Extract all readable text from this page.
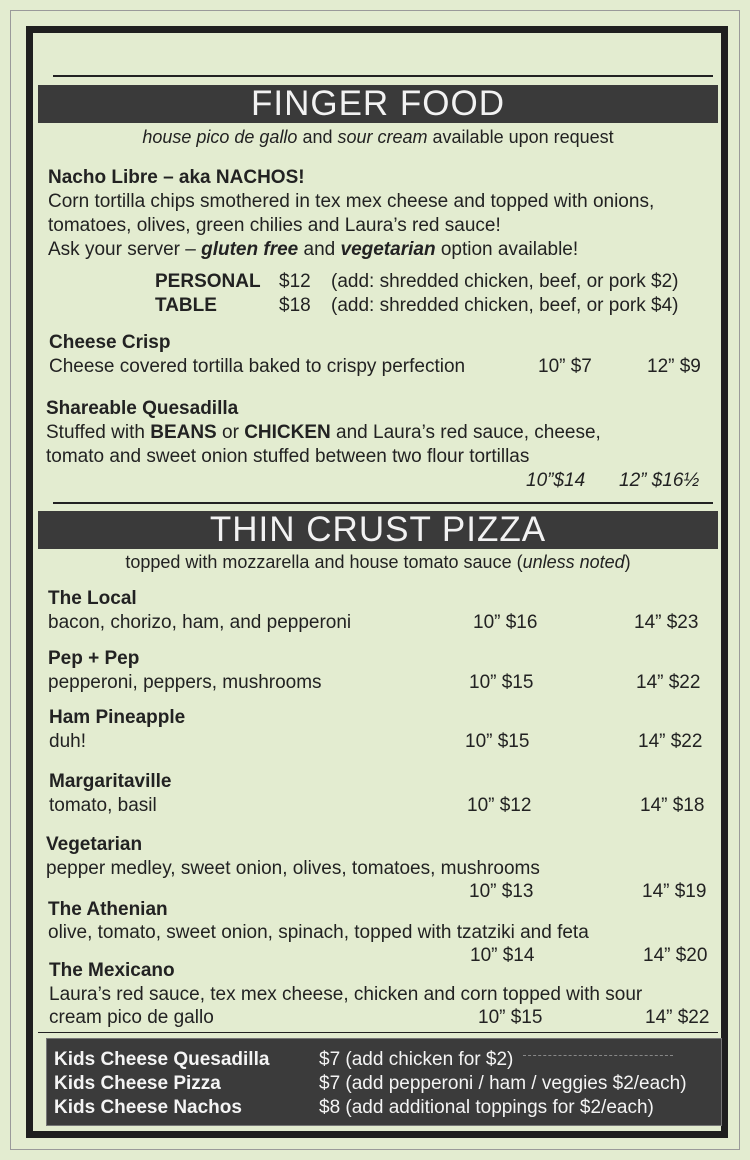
FINGER FOOD
house pico de gallo and sour cream available upon request
Nacho Libre – aka NACHOS!
Corn tortilla chips smothered in tex mex cheese and topped with onions,
tomatoes, olives, green chilies and Laura’s red sauce!
Ask your server – gluten free and vegetarian option available!
PERSONAL $12 (add: shredded chicken, beef, or pork $2)
TABLE	$18 (add: shredded chicken, beef, or pork $4)
Cheese Crisp
Cheese covered tortilla baked to crispy perfection	10” $7	12” $9
Shareable Quesadilla
Stuffed with BEANS or CHICKEN and Laura’s red sauce, cheese,
tomato and sweet onion stuffed between two flour tortillas
10”$14 12” $16½
THIN CRUST PIZZA
topped with mozzarella and house tomato sauce (unless noted)
The Local
bacon, chorizo, ham, and pepperoni	10” $16	14” $23
Pep + Pep
pepperoni, peppers, mushrooms	10” $15	14” $22
Ham Pineapple
duh!	10” $15	14” $22
Margaritaville
tomato, basil	10” $12	14” $18
Vegetarian
pepper medley, sweet onion, olives, tomatoes, mushrooms
10” $13	14” $19
The Athenian
olive, tomato, sweet onion, spinach, topped with tzatziki and feta
10” $14	14” $20
The Mexicano
Laura’s red sauce, tex mex cheese, chicken and corn topped with sour
cream pico de gallo	10” $15	14” $22
Kids Cheese Quesadilla	$7 (add chicken for $2)
Kids Cheese Pizza	$7 (add pepperoni / ham / veggies $2/each)
Kids Cheese Nachos	$8 (add additional toppings for $2/each)
